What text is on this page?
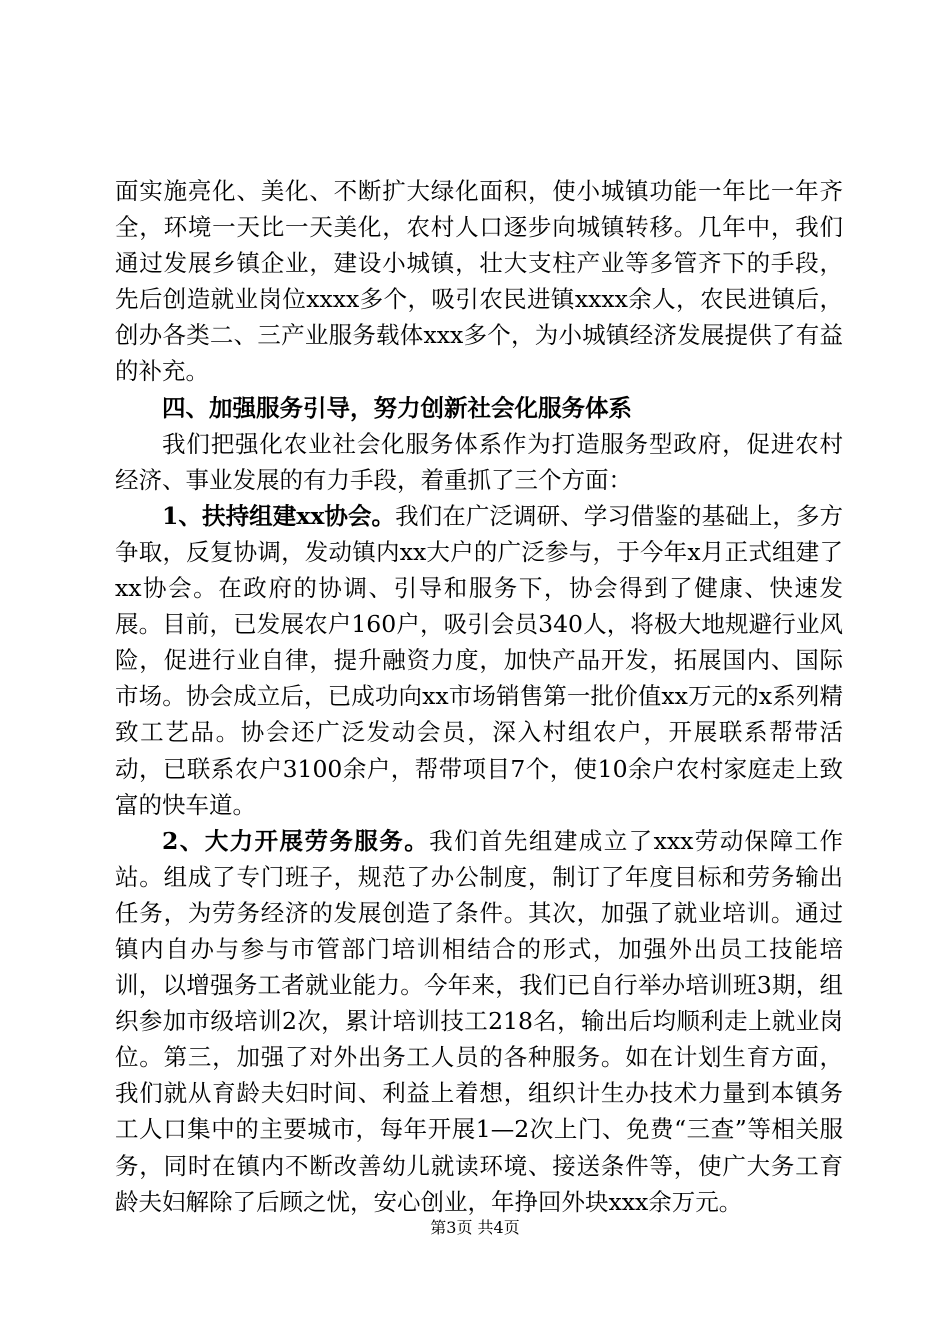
面实施亮化、美化、不断扩大绿化面积，使小城镇功能一年比一年齐全，环境一天比一天美化，农村人口逐步向城镇转移。几年中，我们通过发展乡镇企业，建设小城镇，壮大支柱产业等多管齐下的手段，先后创造就业岗位xxxx多个，吸引农民进镇xxxx余人，农民进镇后，创办各类二、三产业服务载体xxx多个，为小城镇经济发展提供了有益的补充。

四、加强服务引导，努力创新社会化服务体系

我们把强化农业社会化服务体系作为打造服务型政府，促进农村经济、事业发展的有力手段，着重抓了三个方面：

1、扶持组建xx协会。我们在广泛调研、学习借鉴的基础上，多方争取，反复协调，发动镇内xx大户的广泛参与，于今年x月正式组建了xx协会。在政府的协调、引导和服务下，协会得到了健康、快速发展。目前，已发展农户160户，吸引会员340人，将极大地规避行业风险，促进行业自律，提升融资力度，加快产品开发，拓展国内、国际市场。协会成立后，已成功向xx市场销售第一批价值xx万元的x系列精致工艺品。协会还广泛发动会员，深入村组农户，开展联系帮带活动，已联系农户3100余户，帮带项目7个，使10余户农村家庭走上致富的快车道。

2、大力开展劳务服务。我们首先组建成立了xxx劳动保障工作站。组成了专门班子，规范了办公制度，制订了年度目标和劳务输出任务，为劳务经济的发展创造了条件。其次，加强了就业培训。通过镇内自办与参与市管部门培训相结合的形式，加强外出员工技能培训，以增强务工者就业能力。今年来，我们已自行举办培训班3期，组织参加市级培训2次，累计培训技工218名，输出后均顺利走上就业岗位。第三，加强了对外出务工人员的各种服务。如在计划生育方面，我们就从育龄夫妇时间、利益上着想，组织计生办技术力量到本镇务工人口集中的主要城市，每年开展1—2次上门、免费“三查”等相关服务，同时在镇内不断改善幼儿就读环境、接送条件等，使广大务工育龄夫妇解除了后顾之忧，安心创业，年挣回外块xxx余万元。

第3页 共4页
